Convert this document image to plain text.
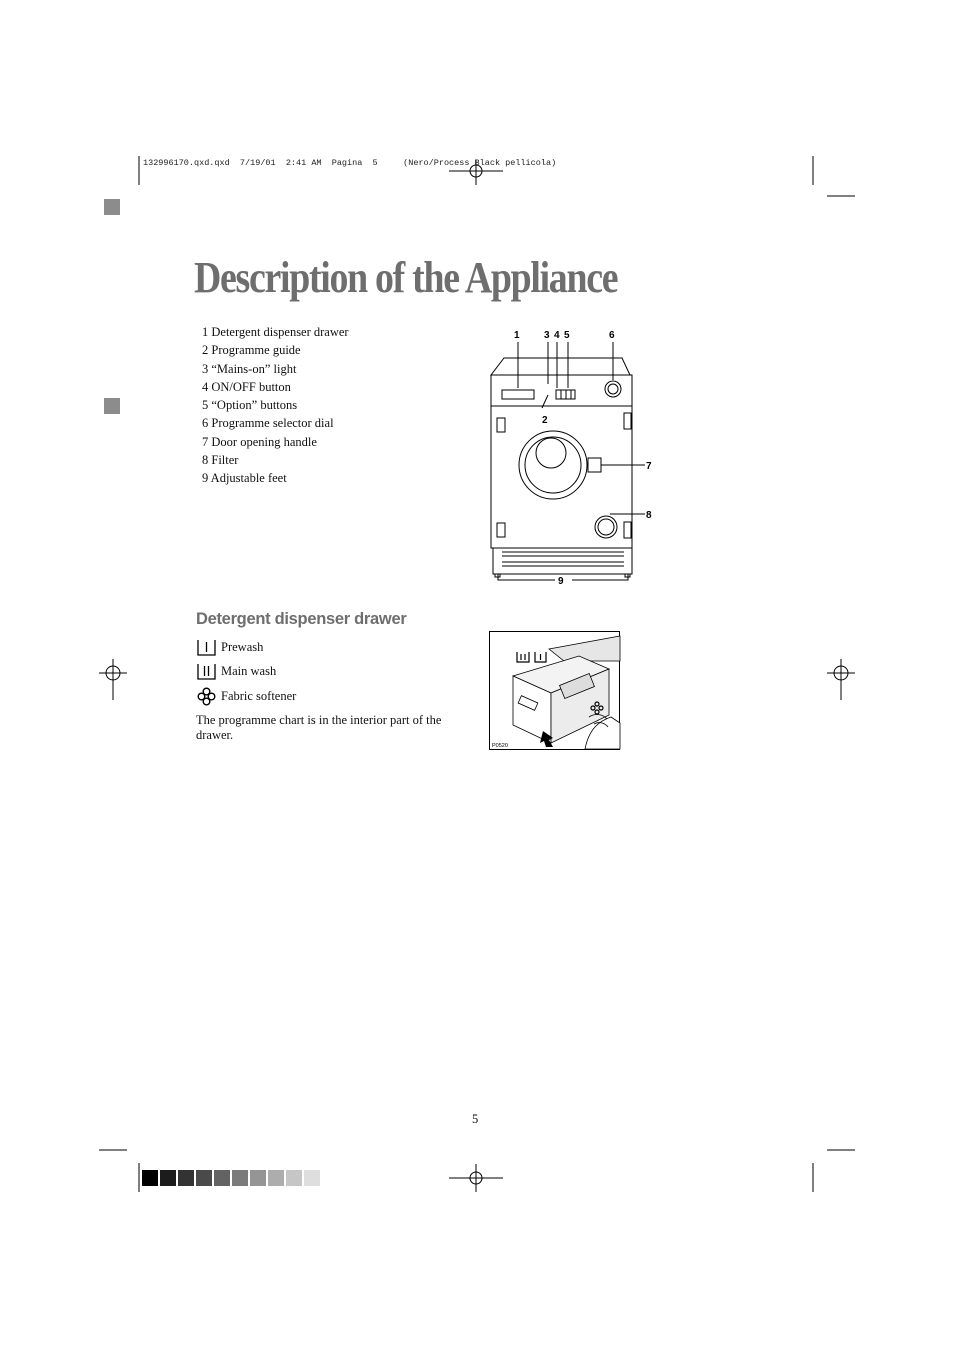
132996170.qxd.qxd  7/19/01  2:41 AM  Pagina  5     (Nero/Process Black pellicola)
Description of the Appliance
1 Detergent dispenser drawer
2 Programme guide
3 “Mains-on” light
4 ON/OFF button
5 “Option” buttons
6 Programme selector dial
7 Door opening handle
8 Filter
9 Adjustable feet
1 3 4 5	6
2
7
8
9
Detergent dispenser drawer
Prewash
Main wash
Fabric softener
The programme chart is in the interior part of the drawer.
P0520
5
